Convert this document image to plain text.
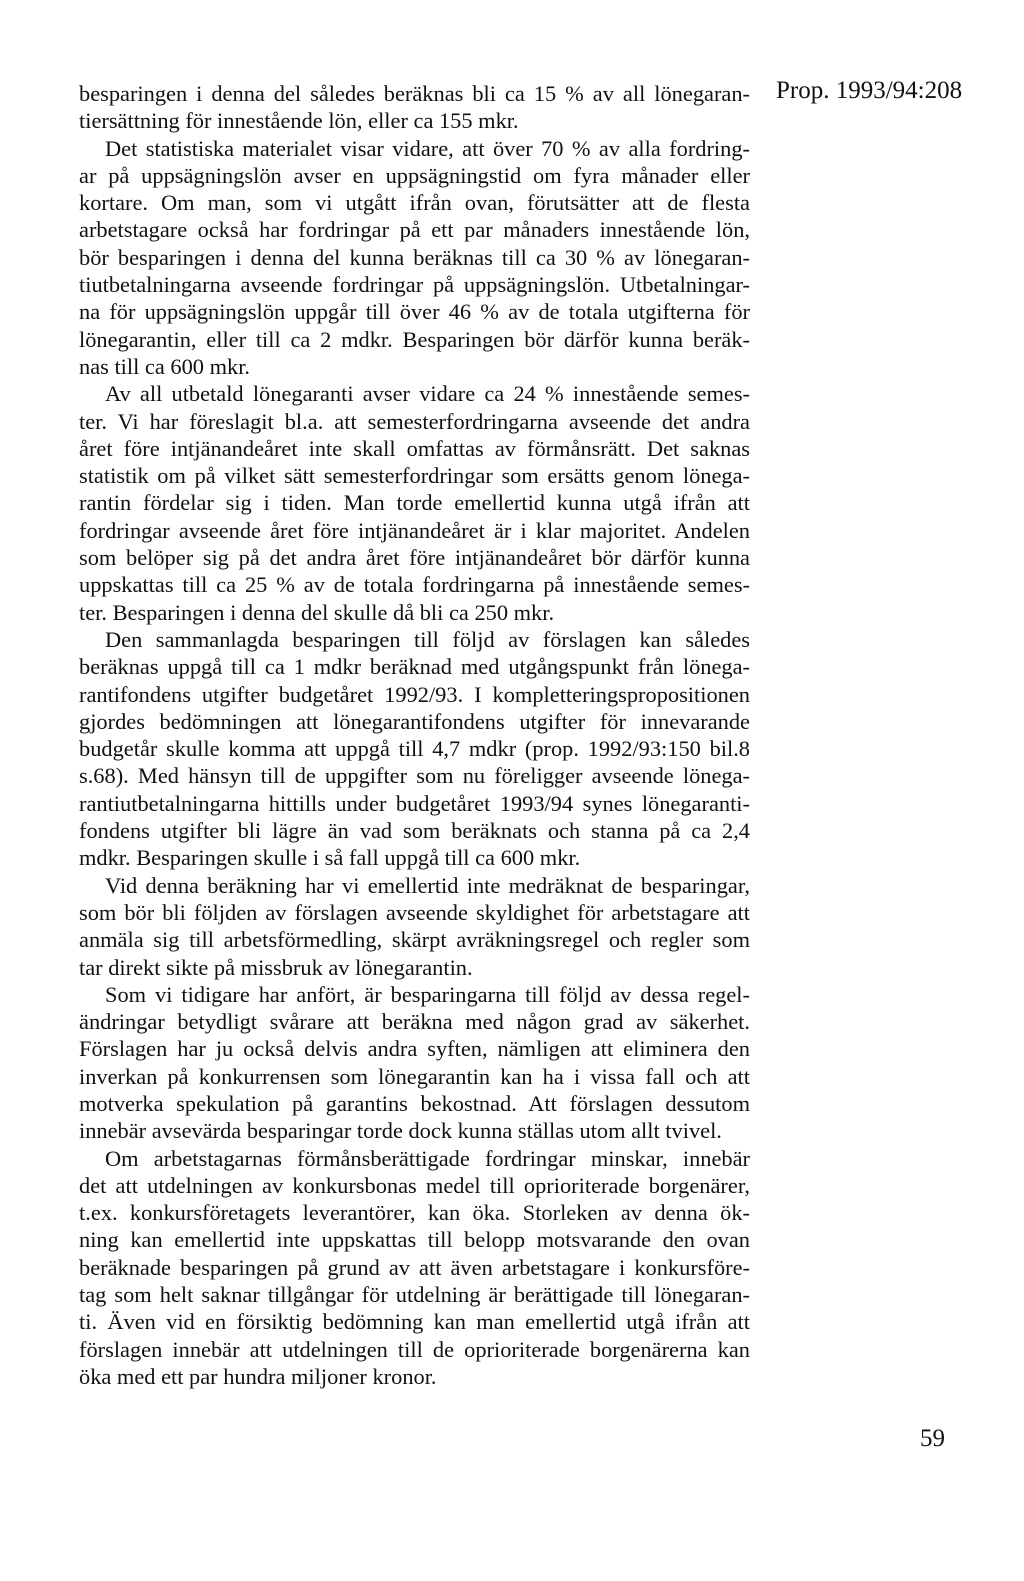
Prop. 1993/94:208
besparingen i denna del således beräknas bli ca 15 % av all lönegaran-
tiersättning för innestående lön, eller ca 155 mkr.
Det statistiska materialet visar vidare, att över 70 % av alla fordring-
ar på uppsägningslön avser en uppsägningstid om fyra månader eller
kortare. Om man, som vi utgått ifrån ovan, förutsätter att de flesta
arbetstagare också har fordringar på ett par månaders innestående lön,
bör besparingen i denna del kunna beräknas till ca 30 % av lönegaran-
tiutbetalningarna avseende fordringar på uppsägningslön. Utbetalningar-
na för uppsägningslön uppgår till över 46 % av de totala utgifterna för
lönegarantin, eller till ca 2 mdkr. Besparingen bör därför kunna beräk-
nas till ca 600 mkr.
Av all utbetald lönegaranti avser vidare ca 24 % innestående semes-
ter. Vi har föreslagit bl.a. att semesterfordringarna avseende det andra
året före intjänandeåret inte skall omfattas av förmånsrätt. Det saknas
statistik om på vilket sätt semesterfordringar som ersätts genom lönega-
rantin fördelar sig i tiden. Man torde emellertid kunna utgå ifrån att
fordringar avseende året före intjänandeåret är i klar majoritet. Andelen
som belöper sig på det andra året före intjänandeåret bör därför kunna
uppskattas till ca 25 % av de totala fordringarna på innestående semes-
ter. Besparingen i denna del skulle då bli ca 250 mkr.
Den sammanlagda besparingen till följd av förslagen kan således
beräknas uppgå till ca 1 mdkr beräknad med utgångspunkt från lönega-
rantifondens utgifter budgetåret 1992/93. I kompletteringspropositionen
gjordes bedömningen att lönegarantifondens utgifter för innevarande
budgetår skulle komma att uppgå till 4,7 mdkr (prop. 1992/93:150 bil.8
s.68). Med hänsyn till de uppgifter som nu föreligger avseende lönega-
rantiutbetalningarna hittills under budgetåret 1993/94 synes lönegaranti-
fondens utgifter bli lägre än vad som beräknats och stanna på ca 2,4
mdkr. Besparingen skulle i så fall uppgå till ca 600 mkr.
Vid denna beräkning har vi emellertid inte medräknat de besparingar,
som bör bli följden av förslagen avseende skyldighet för arbetstagare att
anmäla sig till arbetsförmedling, skärpt avräkningsregel och regler som
tar direkt sikte på missbruk av lönegarantin.
Som vi tidigare har anfört, är besparingarna till följd av dessa regel-
ändringar betydligt svårare att beräkna med någon grad av säkerhet.
Förslagen har ju också delvis andra syften, nämligen att eliminera den
inverkan på konkurrensen som lönegarantin kan ha i vissa fall och att
motverka spekulation på garantins bekostnad. Att förslagen dessutom
innebär avsevärda besparingar torde dock kunna ställas utom allt tvivel.
Om arbetstagarnas förmånsberättigade fordringar minskar, innebär
det att utdelningen av konkursbonas medel till oprioriterade borgenärer,
t.ex. konkursföretagets leverantörer, kan öka. Storleken av denna ök-
ning kan emellertid inte uppskattas till belopp motsvarande den ovan
beräknade besparingen på grund av att även arbetstagare i konkursföre-
tag som helt saknar tillgångar för utdelning är berättigade till lönegaran-
ti. Även vid en försiktig bedömning kan man emellertid utgå ifrån att
förslagen innebär att utdelningen till de oprioriterade borgenärerna kan
öka med ett par hundra miljoner kronor.
59
